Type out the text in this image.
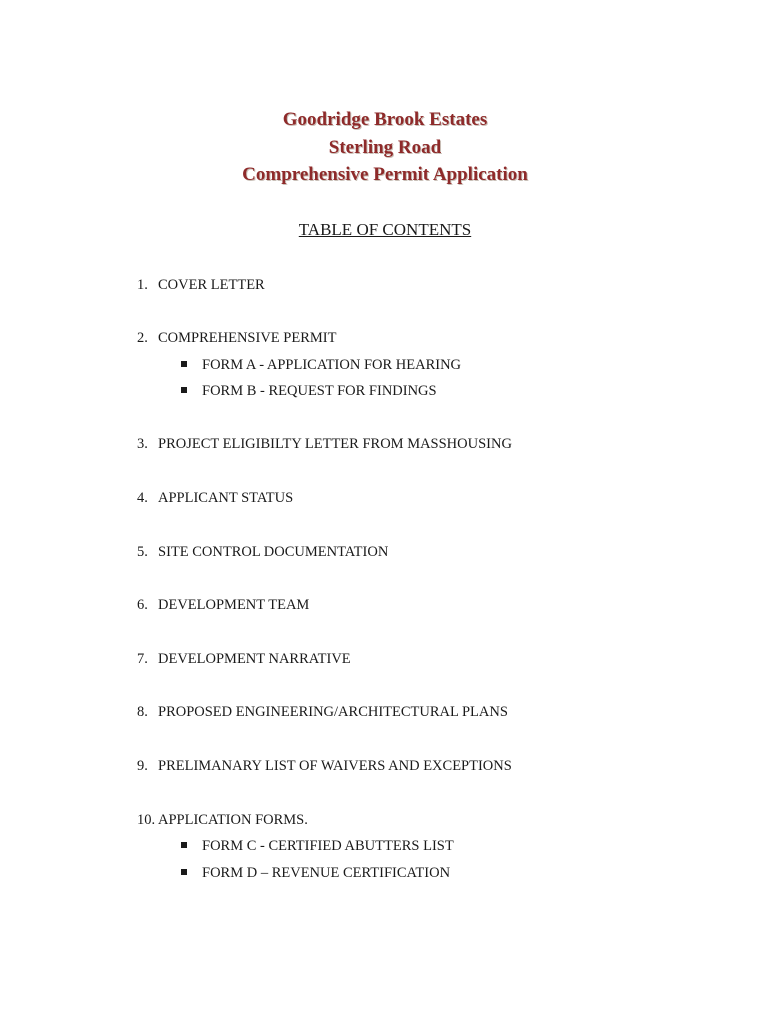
Goodridge Brook Estates
Sterling Road
Comprehensive Permit Application
TABLE OF CONTENTS
1. COVER LETTER
2. COMPREHENSIVE PERMIT
FORM A - APPLICATION FOR HEARING
FORM B - REQUEST FOR FINDINGS
3. PROJECT ELIGIBILTY LETTER FROM MASSHOUSING
4. APPLICANT STATUS
5. SITE CONTROL DOCUMENTATION
6. DEVELOPMENT TEAM
7. DEVELOPMENT NARRATIVE
8. PROPOSED ENGINEERING/ARCHITECTURAL PLANS
9. PRELIMANARY LIST OF WAIVERS AND EXCEPTIONS
10. APPLICATION FORMS.
FORM C - CERTIFIED ABUTTERS LIST
FORM D – REVENUE CERTIFICATION
